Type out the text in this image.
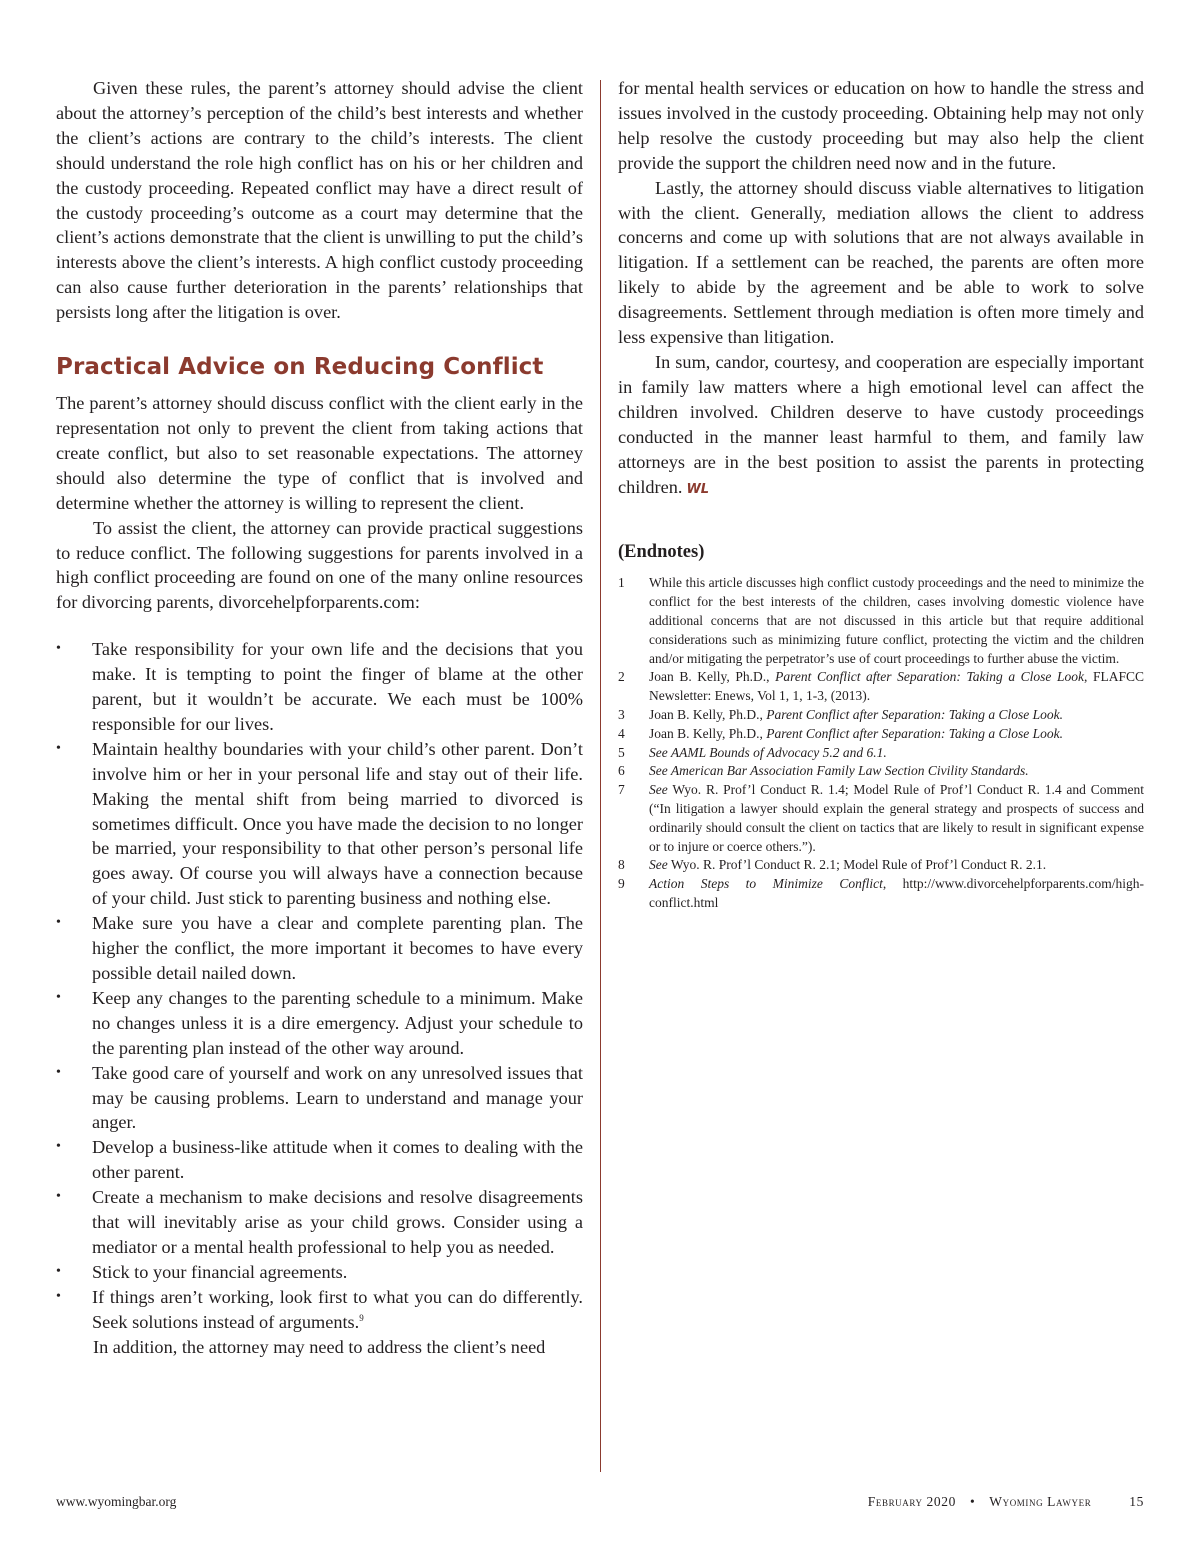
Given these rules, the parent’s attorney should advise the client about the attorney’s perception of the child’s best interests and whether the client’s actions are contrary to the child’s interests. The client should understand the role high conflict has on his or her children and the custody proceeding. Repeated conflict may have a direct result of the custody proceeding’s outcome as a court may determine that the client’s actions demonstrate that the client is unwilling to put the child’s interests above the client’s interests. A high conflict custody proceeding can also cause further deterioration in the parents’ relationships that persists long after the litigation is over.

Practical Advice on Reducing Conflict

The parent’s attorney should discuss conflict with the client early in the representation not only to prevent the client from taking actions that create conflict, but also to set reasonable expectations. The attorney should also determine the type of conflict that is involved and determine whether the attorney is willing to represent the client.

To assist the client, the attorney can provide practical suggestions to reduce conflict. The following suggestions for parents involved in a high conflict proceeding are found on one of the many online resources for divorcing parents, divorcehelpforparents.com:

• Take responsibility for your own life and the decisions that you make. It is tempting to point the finger of blame at the other parent, but it wouldn’t be accurate. We each must be 100% responsible for our lives.
• Maintain healthy boundaries with your child’s other parent. Don’t involve him or her in your personal life and stay out of their life. Making the mental shift from being married to divorced is sometimes difficult. Once you have made the decision to no longer be married, your responsibility to that other person’s personal life goes away. Of course you will always have a connection because of your child. Just stick to parenting business and nothing else.
• Make sure you have a clear and complete parenting plan. The higher the conflict, the more important it becomes to have every possible detail nailed down.
• Keep any changes to the parenting schedule to a minimum. Make no changes unless it is a dire emergency. Adjust your schedule to the parenting plan instead of the other way around.
• Take good care of yourself and work on any unresolved issues that may be causing problems. Learn to understand and manage your anger.
• Develop a business-like attitude when it comes to dealing with the other parent.
• Create a mechanism to make decisions and resolve disagreements that will inevitably arise as your child grows. Consider using a mediator or a mental health professional to help you as needed.
• Stick to your financial agreements.
• If things aren’t working, look first to what you can do differently. Seek solutions instead of arguments.$^9$

In addition, the attorney may need to address the client’s need

for mental health services or education on how to handle the stress and issues involved in the custody proceeding. Obtaining help may not only help resolve the custody proceeding but may also help the client provide the support the children need now and in the future.

Lastly, the attorney should discuss viable alternatives to litigation with the client. Generally, mediation allows the client to address concerns and come up with solutions that are not always available in litigation. If a settlement can be reached, the parents are often more likely to abide by the agreement and be able to work to solve disagreements. Settlement through mediation is often more timely and less expensive than litigation.

In sum, candor, courtesy, and cooperation are especially important in family law matters where a high emotional level can affect the children involved. Children deserve to have custody proceedings conducted in the manner least harmful to them, and family law attorneys are in the best position to assist the parents in protecting children. WL

(Endnotes)
1 While this article discusses high conflict custody proceedings and the need to minimize the conflict for the best interests of the children, cases involving domestic violence have additional concerns that are not discussed in this article but that require additional considerations such as minimizing future conflict, protecting the victim and the children and/or mitigating the perpetrator’s use of court proceedings to further abuse the victim.
2 Joan B. Kelly, Ph.D., Parent Conflict after Separation: Taking a Close Look, FLAFCC Newsletter: Enews, Vol 1, 1, 1-3, (2013).
3 Joan B. Kelly, Ph.D., Parent Conflict after Separation: Taking a Close Look.
4 Joan B. Kelly, Ph.D., Parent Conflict after Separation: Taking a Close Look.
5 See AAML Bounds of Advocacy 5.2 and 6.1.
6 See American Bar Association Family Law Section Civility Standards.
7 See Wyo. R. Prof’l Conduct R. 1.4; Model Rule of Prof’l Conduct R. 1.4 and Comment (“In litigation a lawyer should explain the general strategy and prospects of success and ordinarily should consult the client on tactics that are likely to result in significant expense or to injure or coerce others.”).
8 See Wyo. R. Prof’l Conduct R. 2.1; Model Rule of Prof’l Conduct R. 2.1.
9 Action Steps to Minimize Conflict, http://www.divorcehelpforparents.com/high-conflict.html
www.wyomingbar.org	February 2020 • Wyoming Lawyer	15
